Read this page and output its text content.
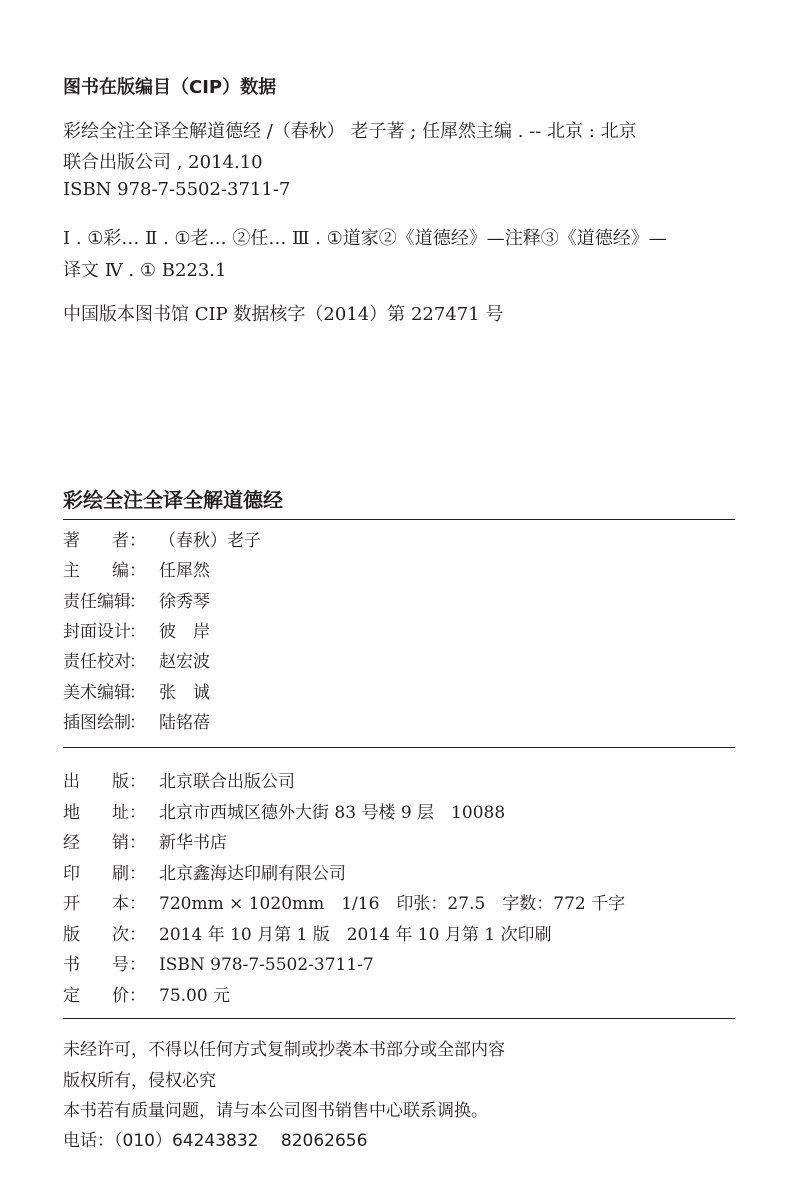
图书在版编目（CIP）数据
彩绘全注全译全解道德经 /（春秋） 老子著 ; 任犀然主编 . -- 北京 : 北京
联合出版公司 , 2014.10
ISBN 978-7-5502-3711-7
Ⅰ . ①彩… Ⅱ . ①老… ②任… Ⅲ . ①道家②《道德经》—注释③《道德经》—
译文 Ⅳ . ① B223.1
中国版本图书馆 CIP 数据核字（2014）第 227471 号
彩绘全注全译全解道德经
著 者 ： （春秋）老子
主 编 ： 任犀然
责 任 编 辑
： 徐秀琴
封 面 设 计
： 彼　岸
责 任 校 对
： 赵宏波
美 术 编 辑
： 张　诚
插 图 绘 制
： 陆铭蓓
出 版 ： 北京联合出版公司
地 址 ： 北京市西城区德外大街 83 号楼 9 层　10088
经 销 ： 新华书店
印 刷 ： 北京鑫海达印刷有限公司
开 本 ： 720mm × 1020mm　1/16　印张：27.5　字数：772 千字
版 次 ： 2014 年 10 月第 1 版　2014 年 10 月第 1 次印刷
书 号 ： ISBN 978-7-5502-3711-7
定 价 ： 75.00 元
未经许可，不得以任何方式复制或抄袭本书部分或全部内容
版权所有，侵权必究
本书若有质量问题，请与本公司图书销售中心联系调换。
电话：（010）64243832　 82062656
